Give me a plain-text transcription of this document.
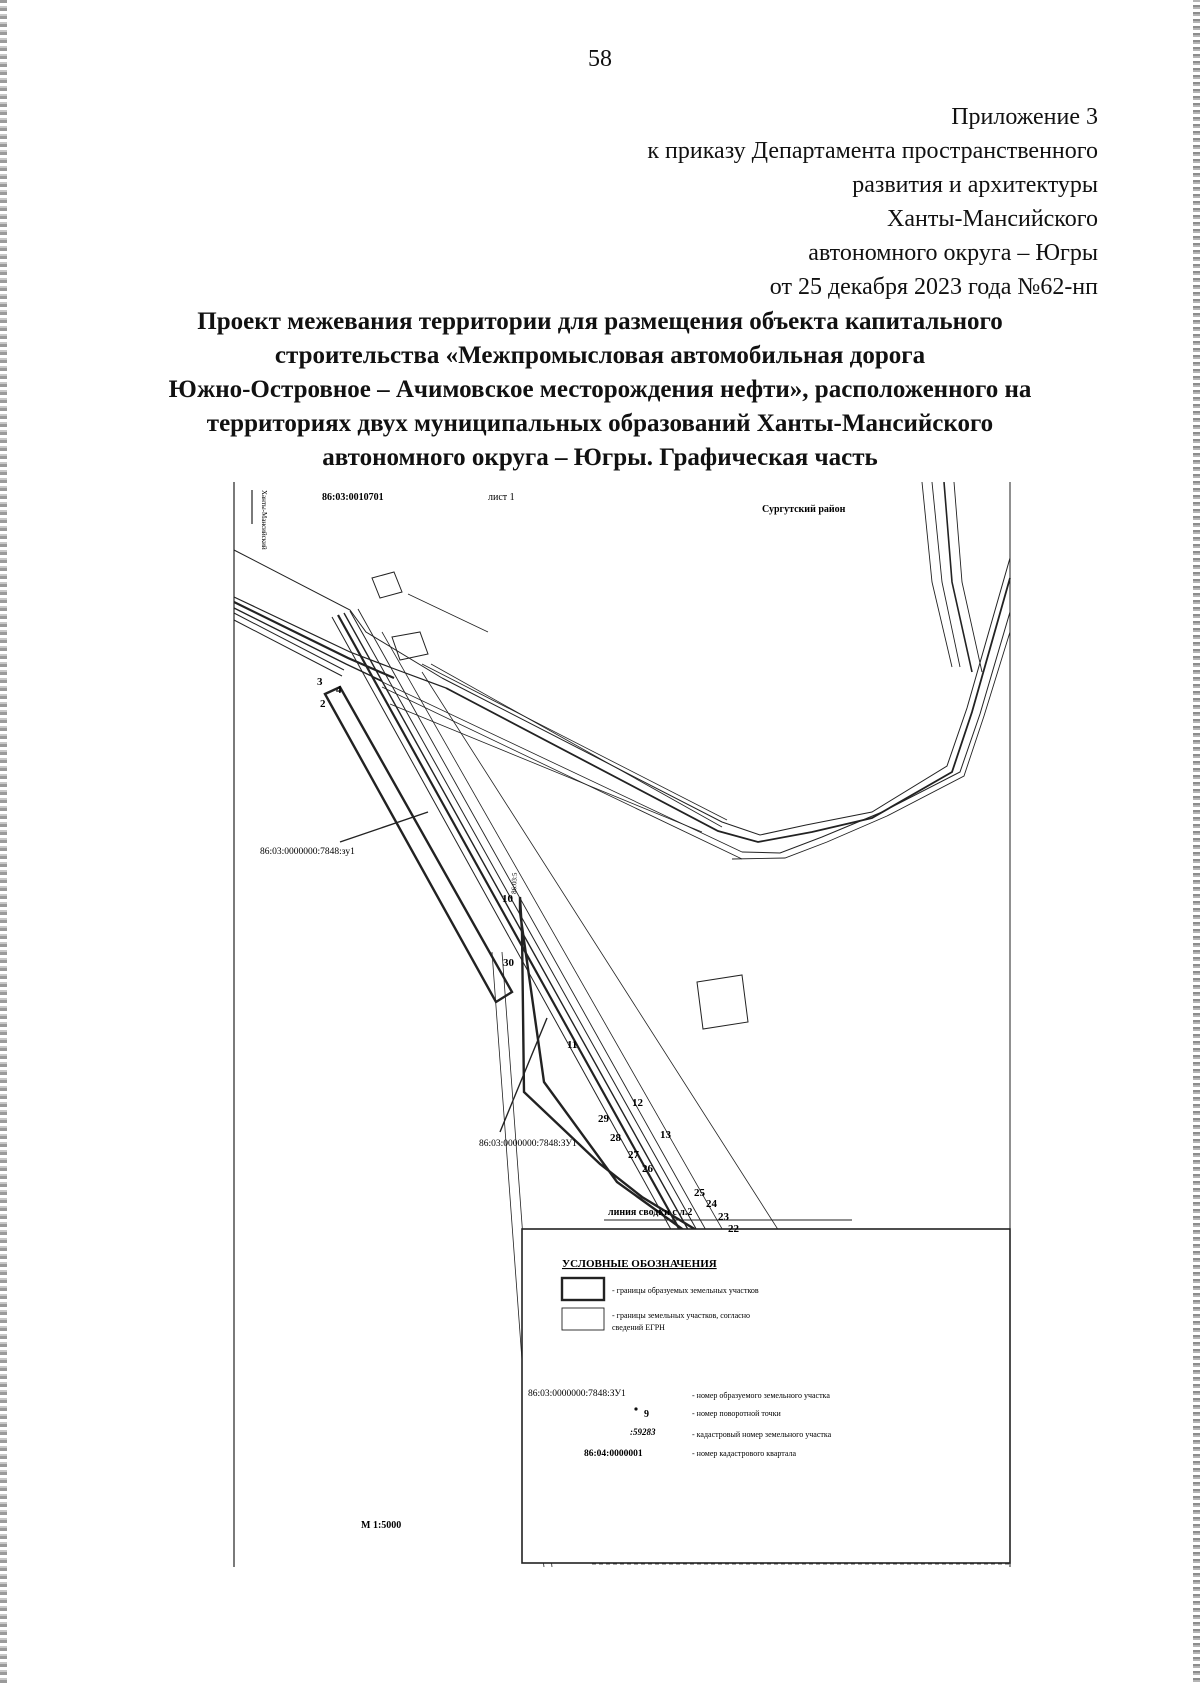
58
Приложение 3
к приказу Департамента пространственного
развития и архитектуры
Ханты-Мансийского
автономного округа – Югры
от 25 декабря 2023 года №62-нп
Проект межевания территории для размещения объекта капитального
строительства «Межпромысловая автомобильная дорога
Южно-Островное – Ачимовское месторождения нефти», расположенного на
территориях двух муниципальных образований Ханты-Мансийского
автономного округа – Югры. Графическая часть
86:03:0010701	лист 1
Сургутский район
Ханты-Мансийский
86:03:0000000:7848:зу1
86:03:0000000:7848:ЗУ1
86:03:5
линия сводки с л.2
М 1:5000
3
4
2
10
30
11
29
12
28	13
27
26
25
24
23
22
УСЛОВНЫЕ ОБОЗНАЧЕНИЯ
- границы образуемых земельных участков
- границы земельных участков, согласно
сведений ЕГРН
86:03:0000000:7848:ЗУ1	- номер образуемого земельного участка
9	- номер поворотной точки
:59283	- кадастровый номер земельного участка
86:04:0000001	- номер кадастрового квартала
